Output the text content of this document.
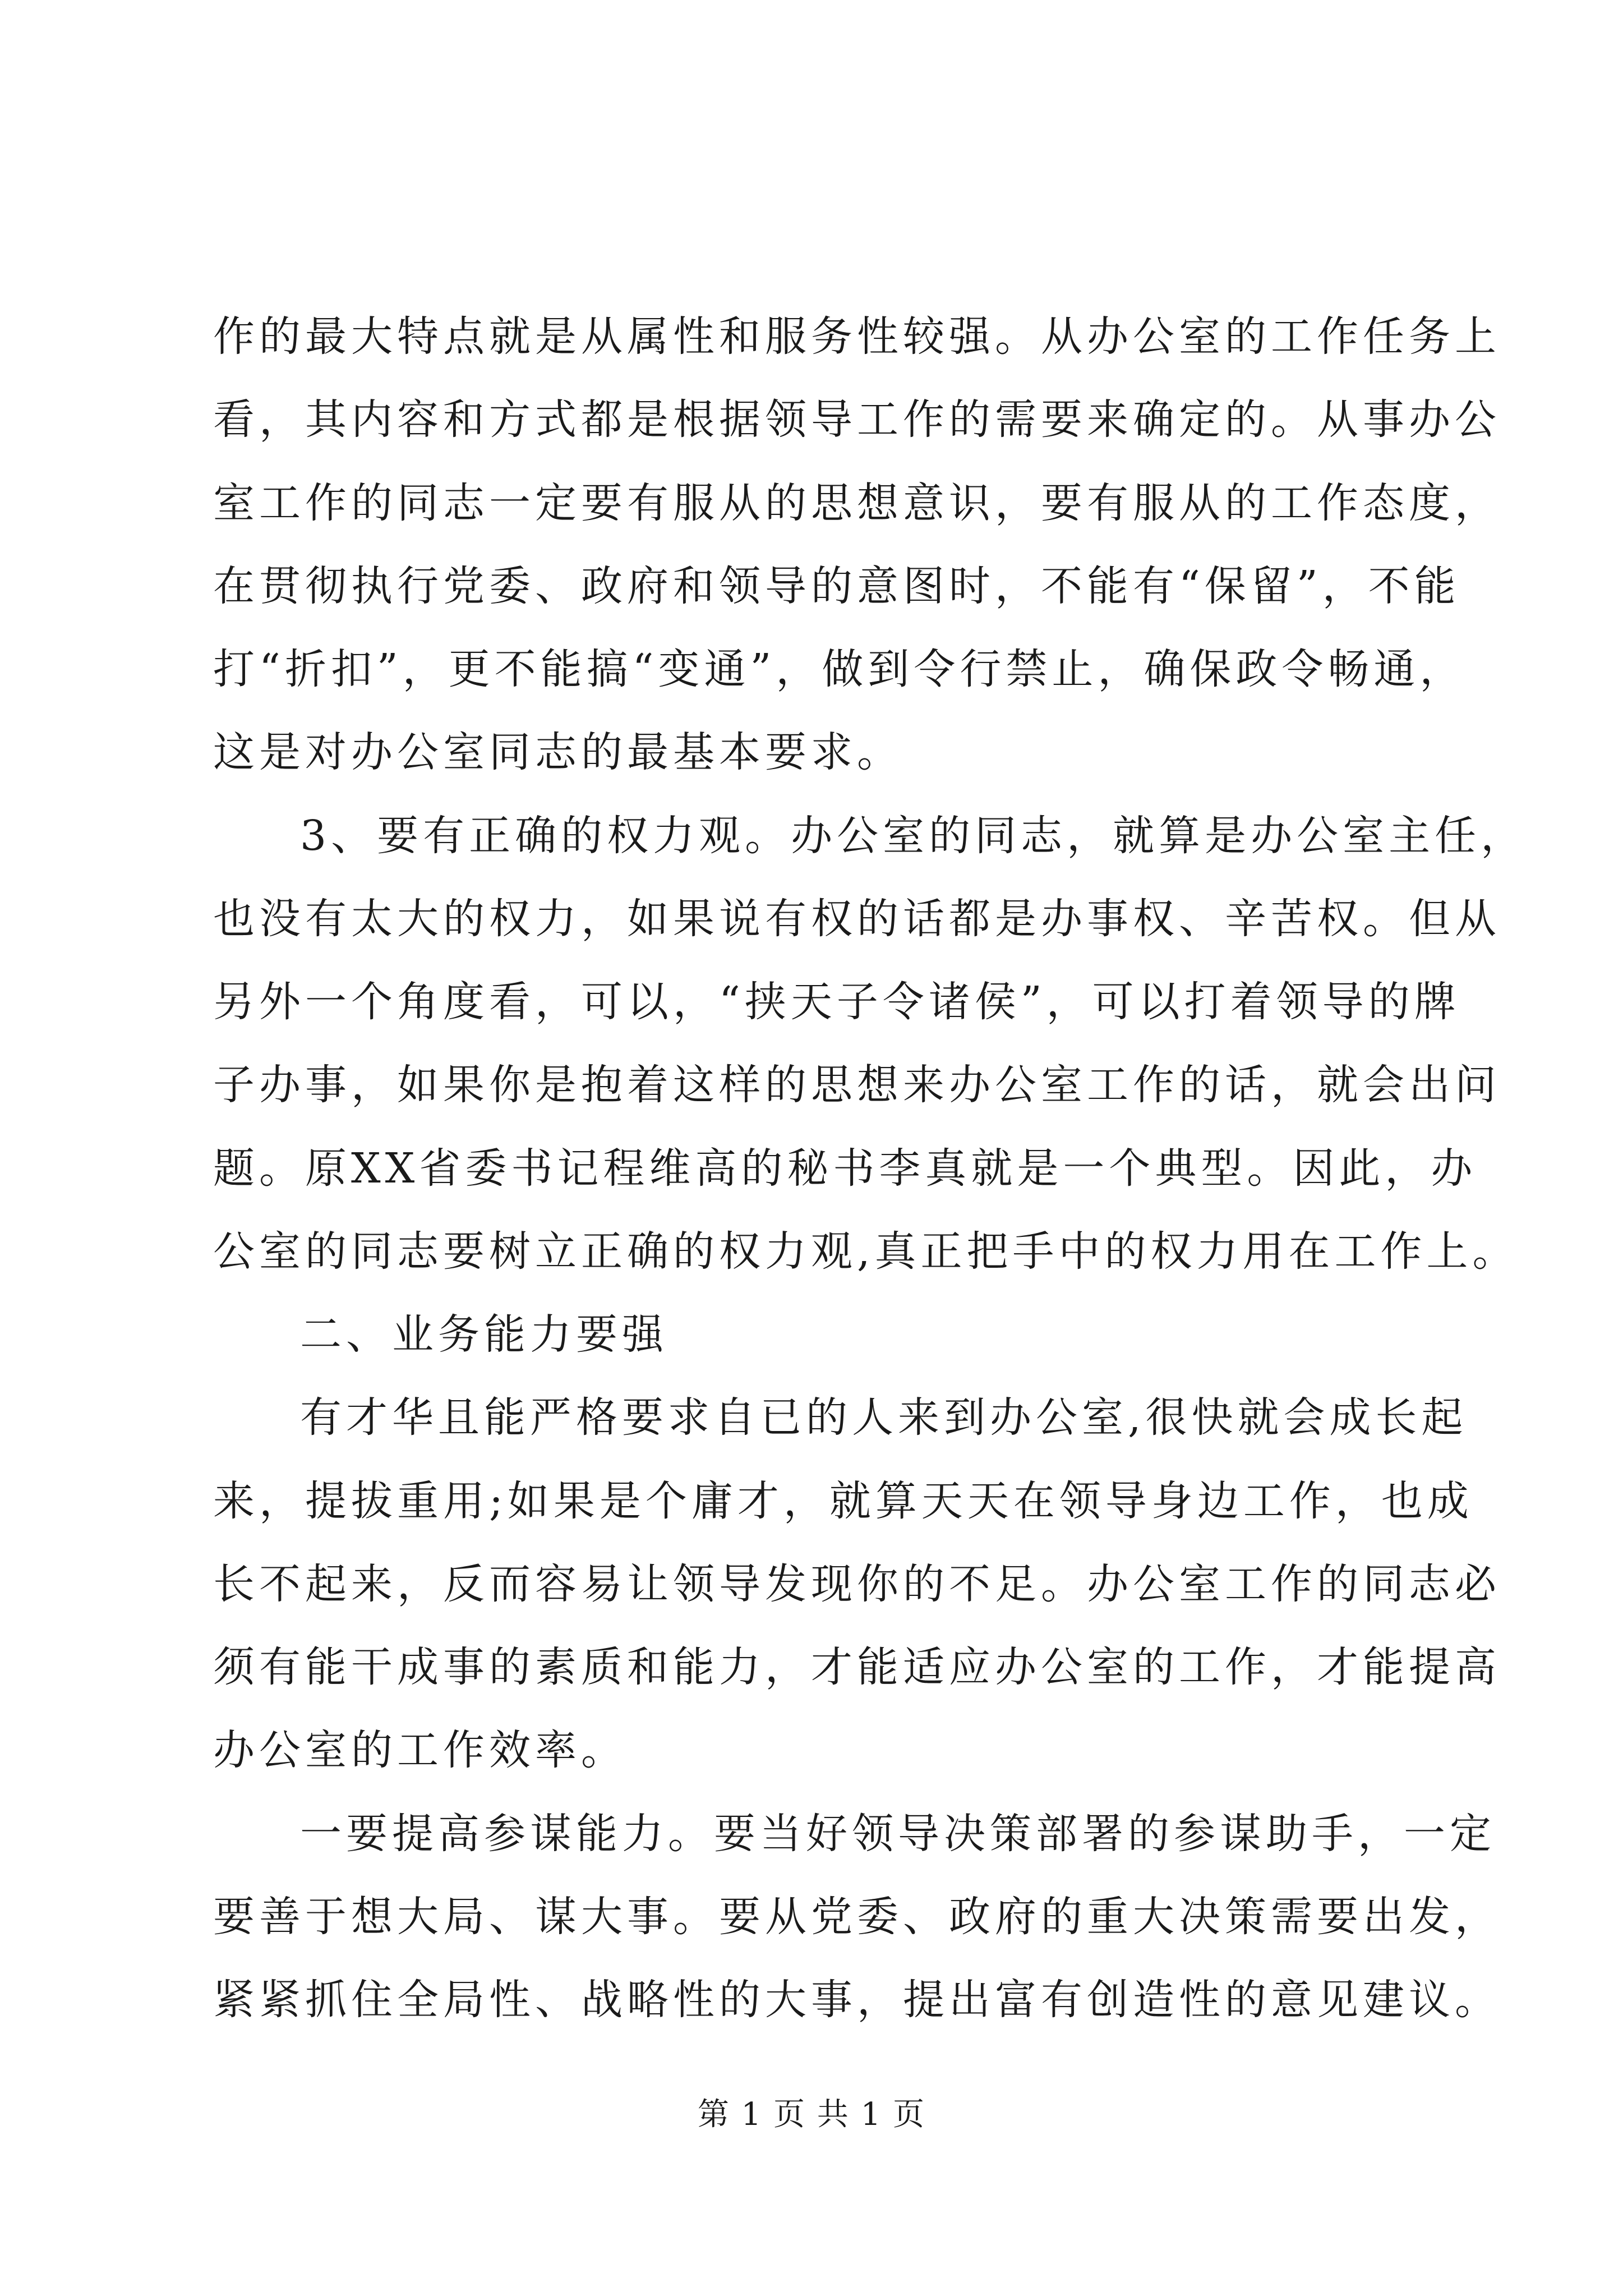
作的最大特点就是从属性和服务性较强。从办公室的工作任务上
看，其内容和方式都是根据领导工作的需要来确定的。从事办公
室工作的同志一定要有服从的思想意识，要有服从的工作态度，
在贯彻执行党委、政府和领导的意图时，不能有“保留”，不能
打“折扣”，更不能搞“变通”，做到令行禁止，确保政令畅通，
这是对办公室同志的最基本要求。
3、要有正确的权力观。办公室的同志，就算是办公室主任，
也没有太大的权力，如果说有权的话都是办事权、辛苦权。但从
另外一个角度看，可以，“挟天子令诸侯”，可以打着领导的牌
子办事，如果你是抱着这样的思想来办公室工作的话，就会出问
题。原XX省委书记程维高的秘书李真就是一个典型。因此，办
公室的同志要树立正确的权力观,真正把手中的权力用在工作上。
二、业务能力要强
有才华且能严格要求自已的人来到办公室,很快就会成长起
来，提拔重用;如果是个庸才，就算天天在领导身边工作，也成
长不起来，反而容易让领导发现你的不足。办公室工作的同志必
须有能干成事的素质和能力，才能适应办公室的工作，才能提高
办公室的工作效率。
一要提高参谋能力。要当好领导决策部署的参谋助手，一定
要善于想大局、谋大事。要从党委、政府的重大决策需要出发，
紧紧抓住全局性、战略性的大事，提出富有创造性的意见建议。
第 1 页 共 1 页
